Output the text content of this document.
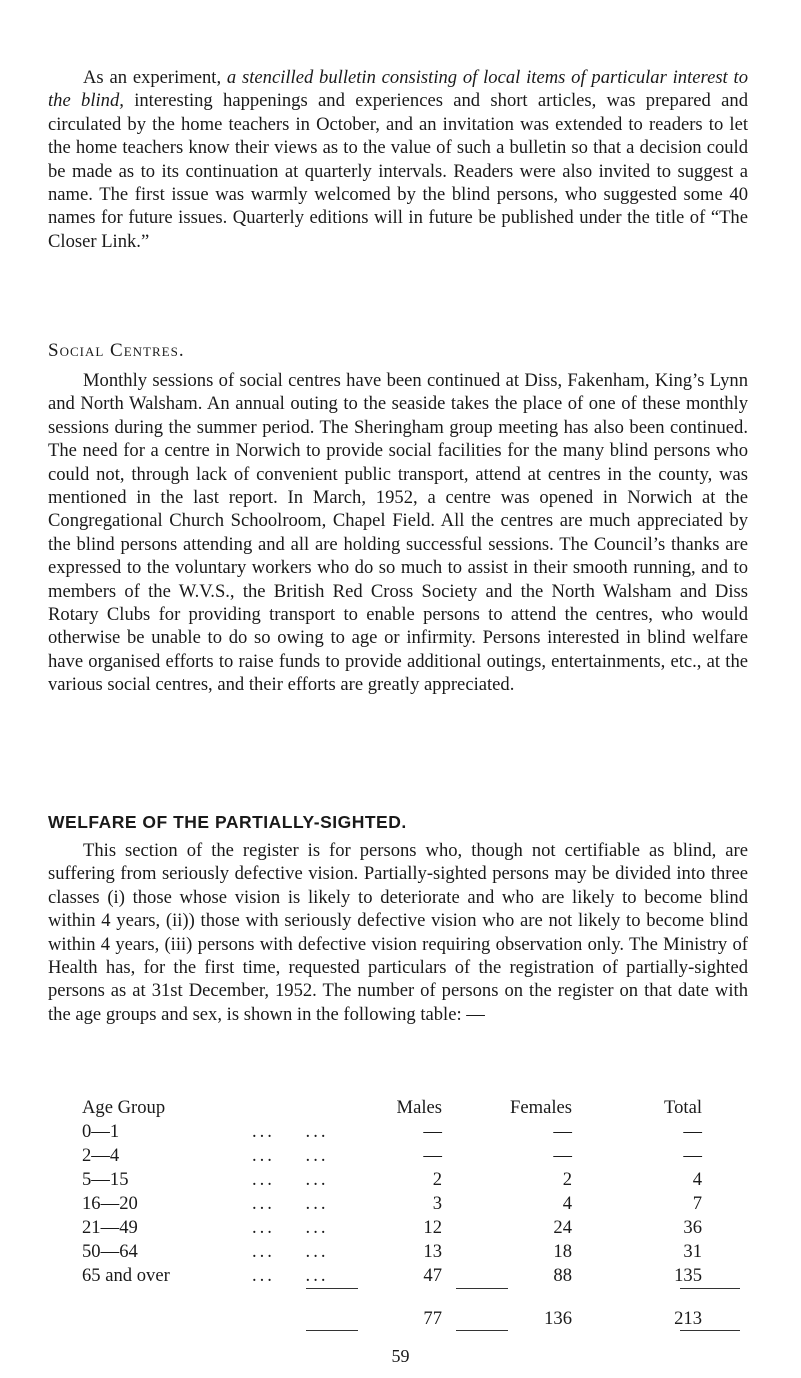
As an experiment, a stencilled bulletin consisting of local items of particular interest to the blind, interesting happenings and experiences and short articles, was prepared and circulated by the home teachers in October, and an invitation was extended to readers to let the home teachers know their views as to the value of such a bulletin so that a decision could be made as to its continuation at quarterly intervals. Readers were also invited to suggest a name. The first issue was warmly welcomed by the blind persons, who suggested some 40 names for future issues. Quarterly editions will in future be published under the title of “The Closer Link.”

Social Centres.

Monthly sessions of social centres have been continued at Diss, Fakenham, King’s Lynn and North Walsham. An annual outing to the seaside takes the place of one of these monthly sessions during the summer period. The Sheringham group meeting has also been continued. The need for a centre in Norwich to provide social facilities for the many blind persons who could not, through lack of convenient public transport, attend at centres in the county, was mentioned in the last report. In March, 1952, a centre was opened in Norwich at the Congregational Church Schoolroom, Chapel Field. All the centres are much appreciated by the blind persons attending and all are holding successful sessions. The Council’s thanks are expressed to the voluntary workers who do so much to assist in their smooth running, and to members of the W.V.S., the British Red Cross Society and the North Walsham and Diss Rotary Clubs for providing transport to enable persons to attend the centres, who would otherwise be unable to do so owing to age or infirmity. Persons interested in blind welfare have organised efforts to raise funds to provide additional outings, entertainments, etc., at the various social centres, and their efforts are greatly appreciated.

WELFARE OF THE PARTIALLY-SIGHTED.

This section of the register is for persons who, though not certifiable as blind, are suffering from seriously defective vision. Partially-sighted persons may be divided into three classes (i) those whose vision is likely to deteriorate and who are likely to become blind within 4 years, (ii)) those with seriously defective vision who are not likely to become blind within 4 years, (iii) persons with defective vision requiring observation only. The Ministry of Health has, for the first time, requested particulars of the registration of partially-sighted persons as at 31st December, 1952. The number of persons on the register on that date with the age groups and sex, is shown in the following table: —

Age Group		Males	Females	Total
0—1	... ...	—	—	—
2—4	... ...	—	—	—
5—15	... ...	2	2	4
16—20	... ...	3	4	7
21—49	... ...	12	24	36
50—64	... ...	13	18	31
65 and over	... ...	47	88	135
		77	136	213
59
